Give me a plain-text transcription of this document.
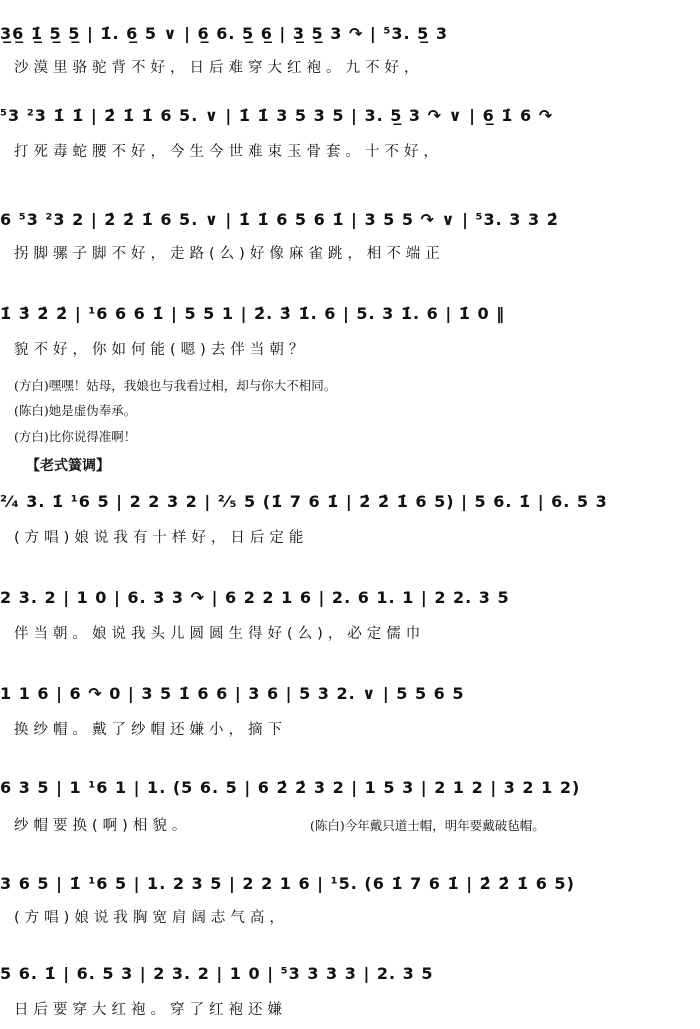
3̲6̲ 1̲̇ 5̲ 5̲ | 1̇. 6̲ 5 ∨ | 6̲ 6. 5̲ 6̲ | 3̲ 5̲ 3 ↷ | ⁵3. 5̲ 3
沙漠里骆驼背不好，日后难穿大红袍。九不好，
⁵3 ²3 1̇ 1̇ | 2̇ 1̇ 1̇ 6 5. ∨ | 1̇ 1̇ 3 5 3 5 | 3. 5̲ 3 ↷ ∨ | 6̲ 1̇ 6 ↷
打死毒蛇腰不好，今生今世难束玉骨套。十不好，
6 ⁵3 ²3 2 | 2̇ 2̇ 1̇ 6 5. ∨ | 1̇ 1̇ 6 5 6 1̇ | 3 5 5 ↷ ∨ | ⁵3. 3 3 2̇
拐脚骡子脚不好，走路(么)好像麻雀跳，相不端正
1̇ 3̇ 2̇ 2̇ | ¹6 6 6 1̇ | 5 5 1 | 2̇. 3̇ 1̇. 6 | 5. 3 1̇. 6 | 1̇ 0 ‖
貌不好，你如何能(嗯)去伴当朝？
(方白)嘿嘿！姑母，我娘也与我看过相，却与你大不相同。
(陈白)她是虚伪奉承。
(方白)比你说得准啊！
【老式簧调】
²⁄₄ 3. 1̇ ¹6 5 | 2 2 3 2 | ²⁄₅ 5 (1̇ 7 6 1̇ | 2̇ 2̇ 1̇ 6 5) | 5 6. 1̇ | 6. 5 3
(方唱)娘说我有十样好，日后定能
2 3. 2 | 1 0 | 6. 3 3 ↷ | 6 2 2 1 6 | 2. 6 1. 1 | 2 2. 3 5
伴当朝。娘说我头儿圆圆生得好(么)，必定儒巾
1 1 6 | 6 ↷ 0 | 3 5 1̇ 6 6 | 3 6 | 5 3 2. ∨ | 5 5 6 5
换纱帽。戴了纱帽还嫌小，摘下
6 3 5 | 1 ¹6 1 | 1. (5 6. 5 | 6 2̇ 2̇ 3 2 | 1 5 3 | 2 1 2 | 3 2 1 2)
纱帽要换(啊)相貌。	(陈白)今年戴只道士帽，明年要戴破毡帽。
3 6 5 | 1̇ ¹6 5 | 1. 2 3 5 | 2 2 1 6 | ¹5. (6 1̇ 7 6 1̇ | 2̇ 2̇ 1̇ 6 5)
(方唱)娘说我胸宽肩阔志气高，
5 6. 1̇ | 6. 5 3 | 2 3. 2 | 1 0 | ⁵3 3 3 3 | 2. 3 5
日后要穿大红袍。穿了红袍还嫌
